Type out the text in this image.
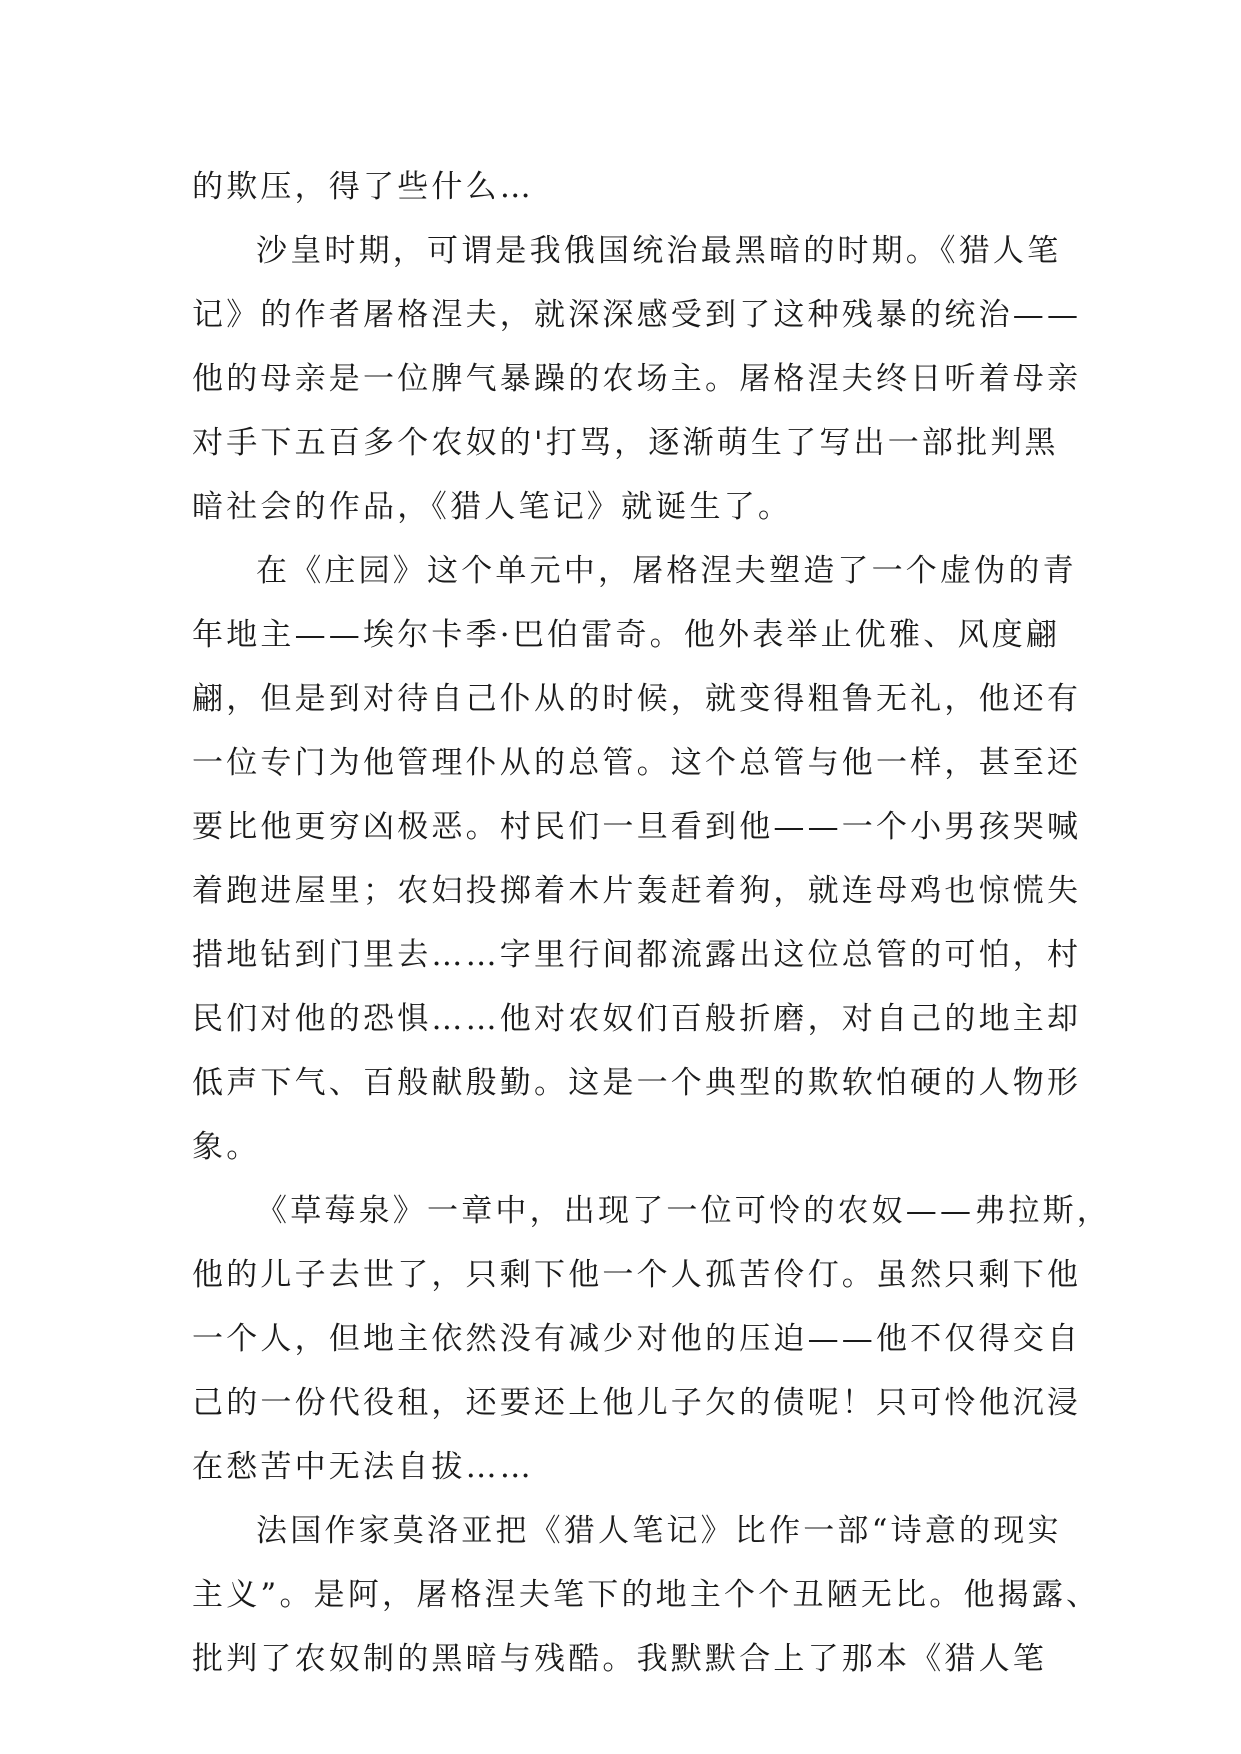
的欺压，得了些什么…
沙皇时期，可谓是我俄国统治最黑暗的时期。《猎人笔
记》的作者屠格涅夫，就深深感受到了这种残暴的统治——
他的母亲是一位脾气暴躁的农场主。屠格涅夫终日听着母亲
对手下五百多个农奴的'打骂，逐渐萌生了写出一部批判黑
暗社会的作品，《猎人笔记》就诞生了。
在《庄园》这个单元中，屠格涅夫塑造了一个虚伪的青
年地主——埃尔卡季·巴伯雷奇。他外表举止优雅、风度翩
翩，但是到对待自己仆从的时候，就变得粗鲁无礼，他还有
一位专门为他管理仆从的总管。这个总管与他一样，甚至还
要比他更穷凶极恶。村民们一旦看到他——一个小男孩哭喊
着跑进屋里；农妇投掷着木片轰赶着狗，就连母鸡也惊慌失
措地钻到门里去……字里行间都流露出这位总管的可怕，村
民们对他的恐惧……他对农奴们百般折磨，对自己的地主却
低声下气、百般献殷勤。这是一个典型的欺软怕硬的人物形
象。
《草莓泉》一章中，出现了一位可怜的农奴——弗拉斯，
他的儿子去世了，只剩下他一个人孤苦伶仃。虽然只剩下他
一个人，但地主依然没有减少对他的压迫——他不仅得交自
己的一份代役租，还要还上他儿子欠的债呢！只可怜他沉浸
在愁苦中无法自拔……
法国作家莫洛亚把《猎人笔记》比作一部“诗意的现实
主义”。是阿，屠格涅夫笔下的地主个个丑陋无比。他揭露、
批判了农奴制的黑暗与残酷。我默默合上了那本《猎人笔
